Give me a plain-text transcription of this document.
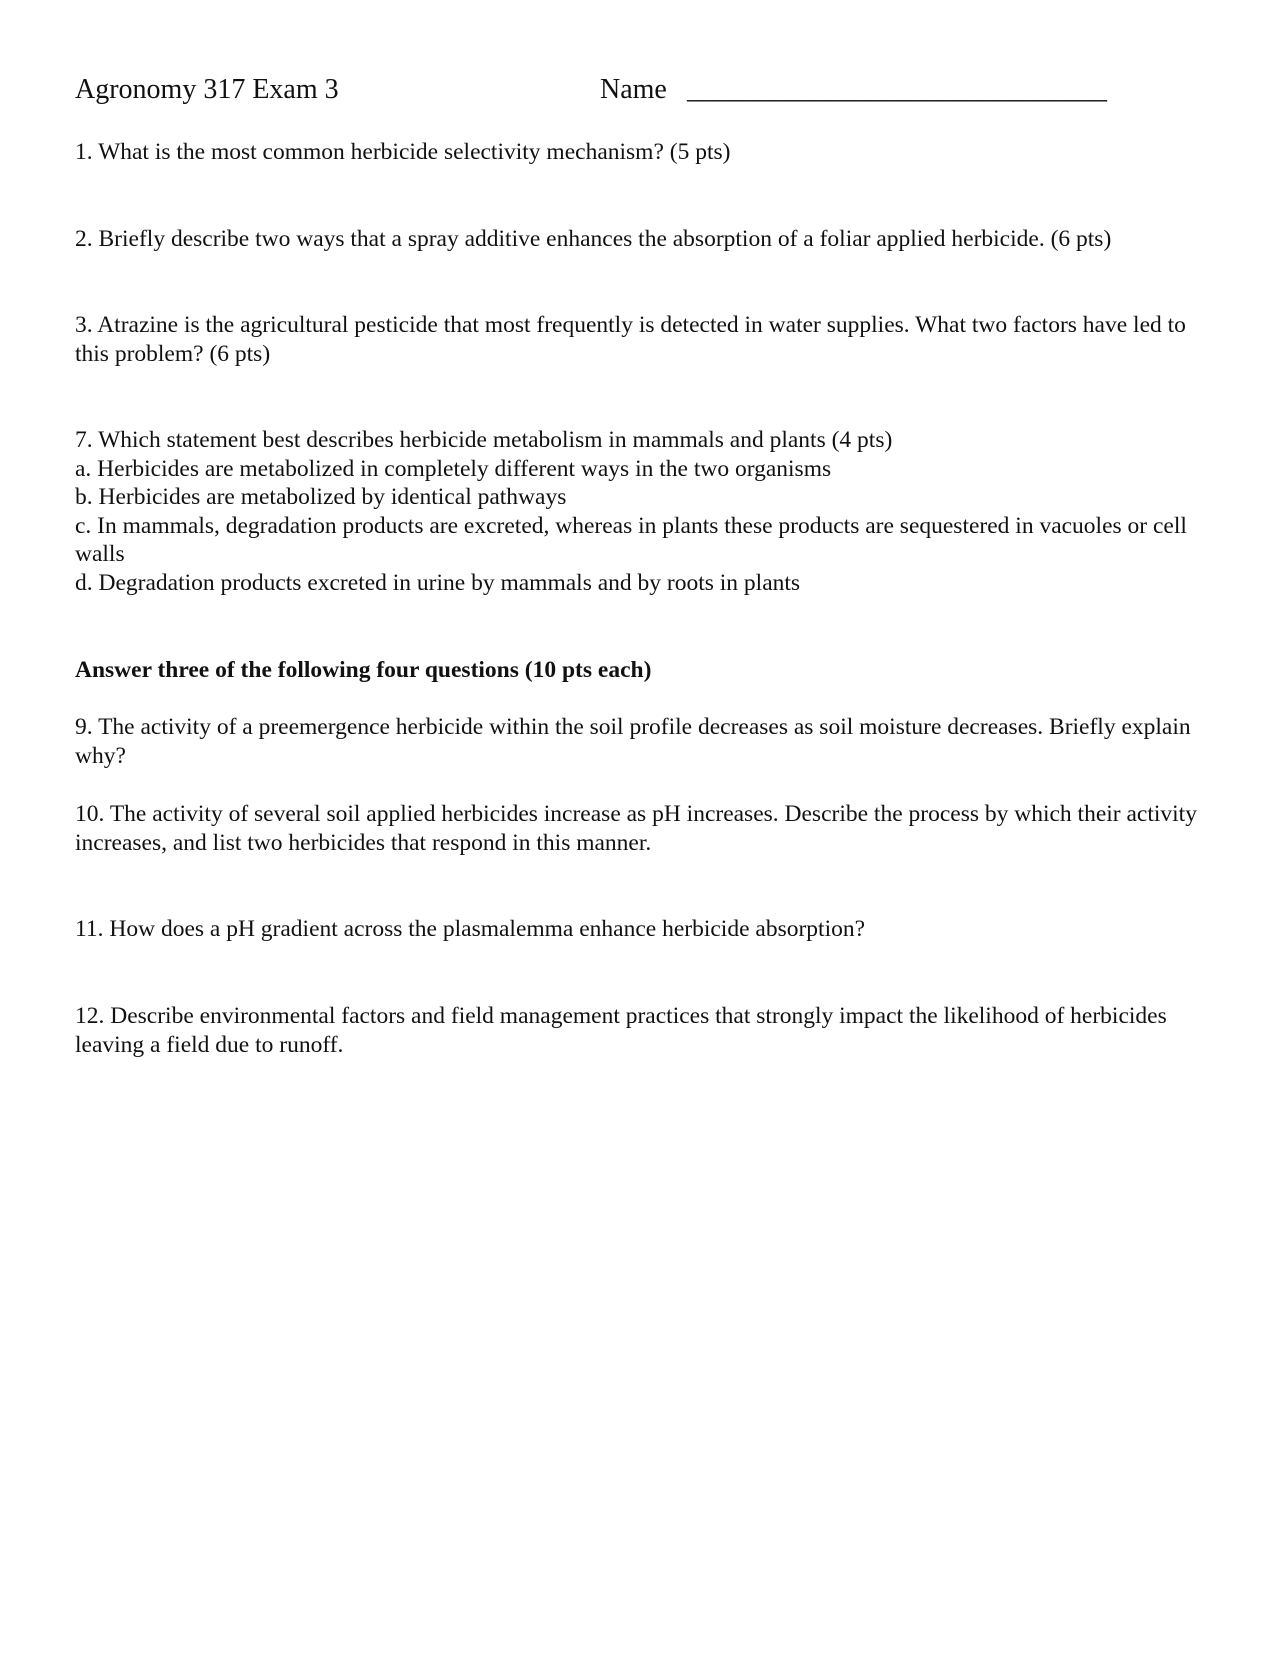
Agronomy 317 Exam 3	Name ______________________________

1. What is the most common herbicide selectivity mechanism? (5 pts)

2. Briefly describe two ways that a spray additive enhances the absorption of a foliar applied herbicide. (6 pts)

3. Atrazine is the agricultural pesticide that most frequently is detected in water supplies. What two factors have led to this problem? (6 pts)

7. Which statement best describes herbicide metabolism in mammals and plants (4 pts)

a. Herbicides are metabolized in completely different ways in the two organisms

b. Herbicides are metabolized by identical pathways

c. In mammals, degradation products are excreted, whereas in plants these products are sequestered in vacuoles or cell walls

d. Degradation products excreted in urine by mammals and by roots in plants

Answer three of the following four questions (10 pts each)

9. The activity of a preemergence herbicide within the soil profile decreases as soil moisture decreases. Briefly explain why?

10. The activity of several soil applied herbicides increase as pH increases. Describe the process by which their activity increases, and list two herbicides that respond in this manner.

11. How does a pH gradient across the plasmalemma enhance herbicide absorption?

12. Describe environmental factors and field management practices that strongly impact the likelihood of herbicides leaving a field due to runoff.
